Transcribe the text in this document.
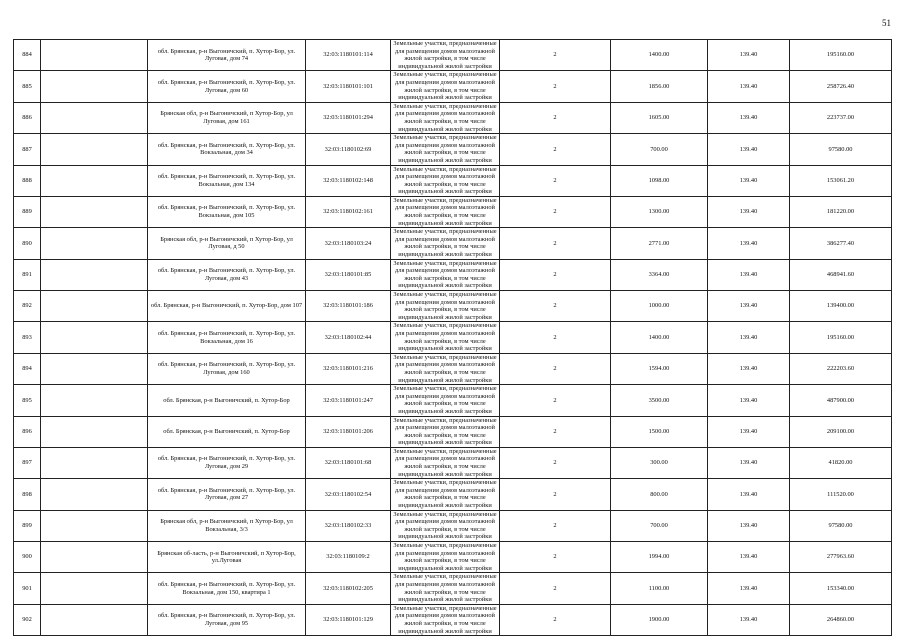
51
884		обл. Брянская, р-н Выгоничский, п. Хутор-Бор, ул. Луговая, дом 74	32:03:1180101:114	Земельные участки, предназначенные для размещения домов малоэтажной жилой застройки, в том числе индивидуальной жилой застройки	2	1400.00	139.40	195160.00
885		обл. Брянская, р-н Выгоничский, п. Хутор-Бор, ул. Луговая, дом 60	32:03:1180101:101	Земельные участки, предназначенные для размещения домов малоэтажной жилой застройки, в том числе индивидуальной жилой застройки	2	1856.00	139.40	258726.40
886		Брянская обл, р-н Выгоничский, п Хутор-Бор, ул Луговая, дом 161	32:03:1180101:294	Земельные участки, предназначенные для размещения домов малоэтажной жилой застройки, в том числе индивидуальной жилой застройки	2	1605.00	139.40	223737.00
887		обл. Брянская, р-н Выгоничский, п. Хутор-Бор, ул. Вокзальная, дом 34	32:03:1180102:69	Земельные участки, предназначенные для размещения домов малоэтажной жилой застройки, в том числе индивидуальной жилой застройки	2	700.00	139.40	97580.00
888		обл. Брянская, р-н Выгоничский, п. Хутор-Бор, ул. Вокзальная, дом 134	32:03:1180102:148	Земельные участки, предназначенные для размещения домов малоэтажной жилой застройки, в том числе индивидуальной жилой застройки	2	1098.00	139.40	153061.20
889		обл. Брянская, р-н Выгоничский, п. Хутор-Бор, ул. Вокзальная, дом 105	32:03:1180102:161	Земельные участки, предназначенные для размещения домов малоэтажной жилой застройки, в том числе индивидуальной жилой застройки	2	1300.00	139.40	181220.00
890		Брянская обл, р-н Выгоничский, п Хутор-Бор, ул Луговая, д 50	32:03:1180103:24	Земельные участки, предназначенные для размещения домов малоэтажной жилой застройки, в том числе индивидуальной жилой застройки	2	2771.00	139.40	386277.40
891		обл. Брянская, р-н Выгоничский, п. Хутор-Бор, ул. Луговая, дом 43	32:03:1180101:85	Земельные участки, предназначенные для размещения домов малоэтажной жилой застройки, в том числе индивидуальной жилой застройки	2	3364.00	139.40	468941.60
892		обл. Брянская, р-н Выгоничский, п. Хутор-Бор, дом 107	32:03:1180101:186	Земельные участки, предназначенные для размещения домов малоэтажной жилой застройки, в том числе индивидуальной жилой застройки	2	1000.00	139.40	139400.00
893		обл. Брянская, р-н Выгоничский, п. Хутор-Бор, ул. Вокзальная, дом 16	32:03:1180102:44	Земельные участки, предназначенные для размещения домов малоэтажной жилой застройки, в том числе индивидуальной жилой застройки	2	1400.00	139.40	195160.00
894		обл. Брянская, р-н Выгоничский, п. Хутор-Бор, ул. Луговая, дом 160	32:03:1180101:216	Земельные участки, предназначенные для размещения домов малоэтажной жилой застройки, в том числе индивидуальной жилой застройки	2	1594.00	139.40	222203.60
895		обл. Брянская, р-н Выгоничский, п. Хутор-Бор	32:03:1180101:247	Земельные участки, предназначенные для размещения домов малоэтажной жилой застройки, в том числе индивидуальной жилой застройки	2	3500.00	139.40	487900.00
896		обл. Брянская, р-н Выгоничский, п. Хутор-Бор	32:03:1180101:206	Земельные участки, предназначенные для размещения домов малоэтажной жилой застройки, в том числе индивидуальной жилой застройки	2	1500.00	139.40	209100.00
897		обл. Брянская, р-н Выгоничский, п. Хутор-Бор, ул. Луговая, дом 29	32:03:1180101:68	Земельные участки, предназначенные для размещения домов малоэтажной жилой застройки, в том числе индивидуальной жилой застройки	2	300.00	139.40	41820.00
898		обл. Брянская, р-н Выгоничский, п. Хутор-Бор, ул. Луговая, дом 27	32:03:1180102:54	Земельные участки, предназначенные для размещения домов малоэтажной жилой застройки, в том числе индивидуальной жилой застройки	2	800.00	139.40	111520.00
899		Брянская обл, р-н Выгоничский, п Хутор-Бор, ул Вокзальная, 3/3	32:03:1180102:33	Земельные участки, предназначенные для размещения домов малоэтажной жилой застройки, в том числе индивидуальной жилой застройки	2	700.00	139.40	97580.00
900		Брянская об-ласть, р-н Выгоничский, п Хутор-Бор, ул.Луговая	32:03:1180109:2	Земельные участки, предназначенные для размещения домов малоэтажной жилой застройки, в том числе индивидуальной жилой застройки	2	1994.00	139.40	277963.60
901		обл. Брянская, р-н Выгоничский, п. Хутор-Бор, ул. Вокзальная, дом 150, квартира 1	32:03:1180102:205	Земельные участки, предназначенные для размещения домов малоэтажной жилой застройки, в том числе индивидуальной жилой застройки	2	1100.00	139.40	153340.00
902		обл. Брянская, р-н Выгоничский, п. Хутор-Бор, ул. Луговая, дом 95	32:03:1180101:129	Земельные участки, предназначенные для размещения домов малоэтажной жилой застройки, в том числе индивидуальной жилой застройки	2	1900.00	139.40	264860.00
